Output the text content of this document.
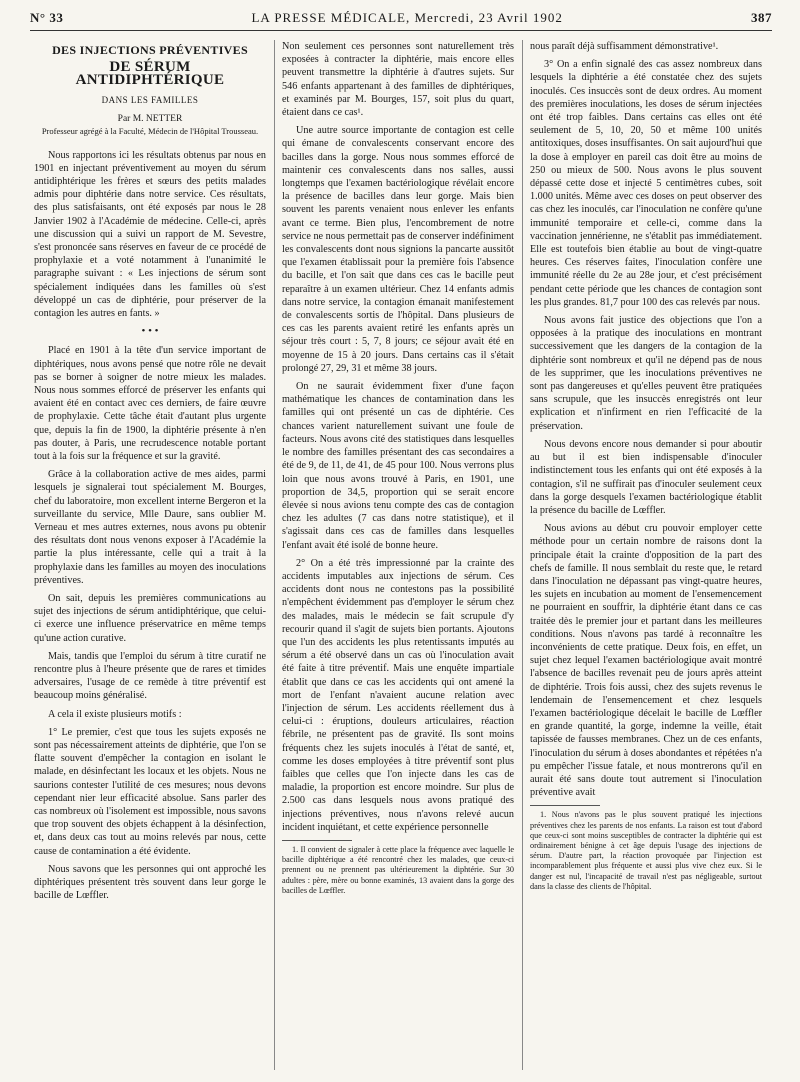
N° 33	LA PRESSE MÉDICALE, Mercredi, 23 Avril 1902	387
DES INJECTIONS PRÉVENTIVES
DE SÉRUM ANTIDIPHTÉRIQUE
DANS LES FAMILLES
Par M. NETTER
Professeur agrégé à la Faculté, Médecin de l'Hôpital Trousseau.

Nous rapportons ici les résultats obtenus par nous en 1901 en injectant préventivement au moyen du sérum antidiphtérique les frères et sœurs des petits malades admis pour diphtérie dans notre service. Ces résultats, des plus satisfaisants, ont été exposés par nous le 28 Janvier 1902 à l'Académie de médecine. Celle-ci, après une discussion qui a suivi un rapport de M. Sevestre, s'est prononcée sans réserves en faveur de ce procédé de prophylaxie et a voté notamment à l'unanimité le paragraphe suivant : « Les injections de sérum sont spécialement indiquées dans les familles où s'est développé un cas de diphtérie, pour préserver de la contagion les autres en fants. »

• • •

Placé en 1901 à la tête d'un service important de diphtériques, nous avons pensé que notre rôle ne devait pas se borner à soigner de notre mieux les malades. Nous nous sommes efforcé de préserver les enfants qui avaient été en contact avec ces derniers, de faire œuvre de prophylaxie. Cette tâche était d'autant plus urgente que, depuis la fin de 1900, la diphtérie présente à n'en pas douter, à Paris, une recrudescence notable portant tout à la fois sur la fréquence et sur la gravité.

Grâce à la collaboration active de mes aides, parmi lesquels je signalerai tout spécialement M. Bourges, chef du laboratoire, mon excellent interne Bergeron et la surveillante du service, Mlle Daure, sans oublier M. Verneau et mes autres externes, nous avons pu obtenir des résultats dont nous venons exposer à l'Académie la partie la plus intéressante, celle qui a trait à la prophylaxie dans les familles au moyen des inoculations préventives.

On sait, depuis les premières communications au sujet des injections de sérum antidiphtérique, que celui-ci exerce une influence préservatrice en même temps qu'une action curative.

Mais, tandis que l'emploi du sérum à titre curatif ne rencontre plus à l'heure présente que de rares et timides adversaires, l'usage de ce remède à titre préventif est beaucoup moins généralisé.

A cela il existe plusieurs motifs :

1° Le premier, c'est que tous les sujets exposés ne sont pas nécessairement atteints de diphtérie, que l'on se flatte souvent d'empêcher la contagion en isolant le malade, en désinfectant les locaux et les objets. Nous ne saurions contester l'utilité de ces mesures; nous devons cependant nier leur efficacité absolue. Sans parler des cas nombreux où l'isolement est impossible, nous savons que trop souvent des objets échappent à la désinfection, et, dans deux cas tout au moins relevés par nous, cette cause de contamination a été évidente.

Nous savons que les personnes qui ont approché les diphtériques présentent très souvent dans leur gorge le bacille de Lœffler.

Non seulement ces personnes sont naturellement très exposées à contracter la diphtérie, mais encore elles peuvent transmettre la diphtérie à d'autres sujets. Sur 546 enfants appartenant à des familles de diphtériques, et examinés par M. Bourges, 157, soit plus du quart, étaient dans ce cas¹.

Une autre source importante de contagion est celle qui émane de convalescents conservant encore des bacilles dans la gorge. Nous nous sommes efforcé de maintenir ces convalescents dans nos salles, aussi longtemps que l'examen bactériologique révélait encore la présence de bacilles dans leur gorge. Mais bien souvent les parents venaient nous enlever les enfants avant ce terme. Bien plus, l'encombrement de notre service ne nous permettait pas de conserver indéfiniment les convalescents dont nous signions la pancarte aussitôt que l'examen établissait pour la première fois l'absence du bacille, et l'on sait que dans ces cas le bacille peut reparaître à un examen ultérieur. Chez 14 enfants admis dans notre service, la contagion émanait manifestement de convalescents sortis de l'hôpital. Dans plusieurs de ces cas les parents avaient retiré les enfants après un séjour très court : 5, 7, 8 jours; ce séjour avait été en moyenne de 15 à 20 jours. Dans certains cas il s'était prolongé 27, 29, 31 et même 38 jours.

On ne saurait évidemment fixer d'une façon mathématique les chances de contamination dans les familles qui ont présenté un cas de diphtérie. Ces chances varient naturellement suivant une foule de facteurs. Nous avons cité des statistiques dans lesquelles le nombre des familles présentant des cas secondaires a été de 9, de 11, de 41, de 45 pour 100. Nous verrons plus loin que nous avons trouvé à Paris, en 1901, une proportion de 34,5, proportion qui se serait encore élevée si nous avions tenu compte des cas de contagion chez les adultes (7 cas dans notre statistique), et il s'agissait dans ces cas de familles dans lesquelles l'enfant avait été isolé de bonne heure.

2° On a été très impressionné par la crainte des accidents imputables aux injections de sérum. Ces accidents dont nous ne contestons pas la possibilité n'empêchent évidemment pas d'employer le sérum chez des malades, mais le médecin se fait scrupule d'y recourir quand il s'agit de sujets bien portants. Ajoutons que l'un des accidents les plus retentissants imputés au sérum a été observé dans un cas où l'inoculation avait été faite à titre préventif. Mais une enquête impartiale établit que dans ce cas les accidents qui ont amené la mort de l'enfant n'avaient aucune relation avec l'injection de sérum. Les accidents réellement dus à celui-ci : éruptions, douleurs articulaires, réaction fébrile, ne présentent pas de gravité. Ils sont moins fréquents chez les sujets inoculés à l'état de santé, et, comme les doses employées à titre préventif sont plus faibles que celles que l'on injecte dans les cas de maladie, la proportion est encore moindre. Sur plus de 2.500 cas dans lesquels nous avons pratiqué des injections préventives, nous n'avons relevé aucun incident inquiétant, et cette expérience personnelle

1. Il convient de signaler à cette place la fréquence avec laquelle le bacille diphtérique a été rencontré chez les malades, que ceux-ci prennent ou ne prennent pas ultérieurement la diphtérie. Sur 30 adultes : père, mère ou bonne examinés, 13 avaient dans la gorge des bacilles de Lœffler.

nous paraît déjà suffisamment démonstrative¹.

3° On a enfin signalé des cas assez nombreux dans lesquels la diphtérie a été constatée chez des sujets inoculés. Ces insuccès sont de deux ordres. Au moment des premières inoculations, les doses de sérum injectées ont été trop faibles. Dans certains cas elles ont été seulement de 5, 10, 20, 50 et même 100 unités antitoxiques, doses insuffisantes. On sait aujourd'hui que la dose à employer en pareil cas doit être au moins de 250 ou mieux de 500. Nous avons le plus souvent dépassé cette dose et injecté 5 centimètres cubes, soit 1.000 unités. Même avec ces doses on peut observer des cas chez les inoculés, car l'inoculation ne confère qu'une immunité temporaire et celle-ci, comme dans la vaccination jennérienne, ne s'établit pas immédiatement. Elle est toutefois bien établie au bout de vingt-quatre heures. Ces réserves faites, l'inoculation confère une immunité réelle du 2e au 28e jour, et c'est précisément pendant cette période que les chances de contagion sont les plus grandes. 81,7 pour 100 des cas relevés par nous.

Nous avons fait justice des objections que l'on a opposées à la pratique des inoculations en montrant successivement que les dangers de la contagion de la diphtérie sont nombreux et qu'il ne dépend pas de nous de les supprimer, que les inoculations préventives ne sont pas dangereuses et qu'elles peuvent être pratiquées sans scrupule, que les insuccès enregistrés ont leur explication et n'infirment en rien l'efficacité de la préservation.

Nous devons encore nous demander si pour aboutir au but il est bien indispensable d'inoculer indistinctement tous les enfants qui ont été exposés à la contagion, s'il ne suffirait pas d'inoculer seulement ceux dans la gorge desquels l'examen bactériologique établit la présence du bacille de Lœffler.

Nous avions au début cru pouvoir employer cette méthode pour un certain nombre de raisons dont la principale était la crainte d'opposition de la part des chefs de famille. Il nous semblait du reste que, le retard dans l'inoculation ne dépassant pas vingt-quatre heures, les sujets en incubation au moment de l'ensemencement ne pourraient en souffrir, la diphtérie étant dans ce cas traitée dès le premier jour et partant dans les meilleures conditions. Nous n'avons pas tardé à reconnaître les inconvénients de cette pratique. Deux fois, en effet, un sujet chez lequel l'examen bactériologique avait montré l'absence de bacilles revenait peu de jours après atteint de diphtérie. Trois fois aussi, chez des sujets revenus le lendemain de l'ensemencement et chez lesquels l'examen bactériologique décelait le bacille de Lœffler en grande quantité, la gorge, indemne la veille, était tapissée de fausses membranes. Chez un de ces enfants, l'inoculation du sérum à doses abondantes et répétées n'a pu empêcher l'issue fatale, et nous montrerons qu'il en aurait été sans doute tout autrement si l'inoculation préventive avait

1. Nous n'avons pas le plus souvent pratiqué les injections préventives chez les parents de nos enfants. La raison est tout d'abord que ceux-ci sont moins susceptibles de contracter la diphtérie qui est ordinairement bénigne à cet âge depuis l'usage des injections de sérum. D'autre part, la réaction provoquée par l'injection est incomparablement plus fréquente et aussi plus vive chez eux. Si le danger est nul, l'incapacité de travail n'est pas négligeable, surtout dans la classe des clients de l'hôpital.
